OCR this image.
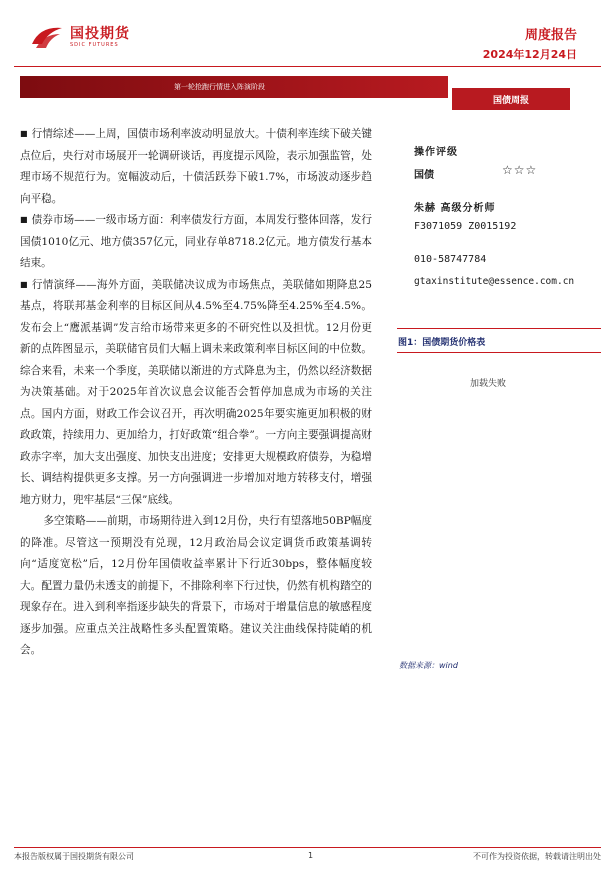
国投期货
SDIC FUTURES
周度报告
2024年12月24日
第一轮抢跑行情进入阵演阶段
国债周报

■ 行情综述——上周，国债市场利率波动明显放大。十债利率连续下破关键点位后，央行对市场展开一轮调研谈话，再度提示风险，表示加强监管，处理市场不规范行为。宽幅波动后，十债活跃券下破1.7%，市场波动逐步趋向平稳。

■ 债券市场——一级市场方面：利率债发行方面，本周发行整体回落，发行国债1010亿元、地方债357亿元，同业存单8718.2亿元。地方债发行基本结束。

■ 行情演绎——海外方面，美联储决议成为市场焦点，美联储如期降息25基点，将联邦基金利率的目标区间从4.5%至4.75%降至4.25%至4.5%。发布会上“鹰派基调”发言给市场带来更多的不研究性以及担忧。12月份更新的点阵图显示，美联储官员们大幅上调未来政策利率目标区间的中位数。综合来看，未来一个季度，美联储以渐进的方式降息为主，仍然以经济数据为决策基础。对于2025年首次议息会议能否会暂停加息成为市场的关注点。国内方面，财政工作会议召开，再次明确2025年要实施更加积极的财政政策，持续用力、更加给力，打好政策“组合拳”。一方向主要强调提高财政赤字率，加大支出强度、加快支出进度；安排更大规模政府债券，为稳增长、调结构提供更多支撑。另一方向强调进一步增加对地方转移支付，增强地方财力，兜牢基层“三保”底线。

多空策略——前期，市场期待进入到12月份，央行有望落地50BP幅度的降准。尽管这一预期没有兑现，12月政治局会议定调货币政策基调转向“适度宽松”后，12月份年国债收益率累计下行近30bps，整体幅度较大。配置力量仍未透支的前提下，不排除利率下行过快，仍然有机构踏空的现象存在。进入到利率指逐步缺失的背景下，市场对于增量信息的敏感程度逐步加强。应重点关注战略性多头配置策略。建议关注曲线保持陡峭的机会。

操作评级
国债	☆☆☆
朱赫 高级分析师
F3071059 Z0015192
010-58747784
gtaxinstitute@essence.com.cn
图1：国债期货价格表
加载失败
数据来源：wind
本报告版权属于国投期货有限公司	1	不可作为投资依据，转载请注明出处
